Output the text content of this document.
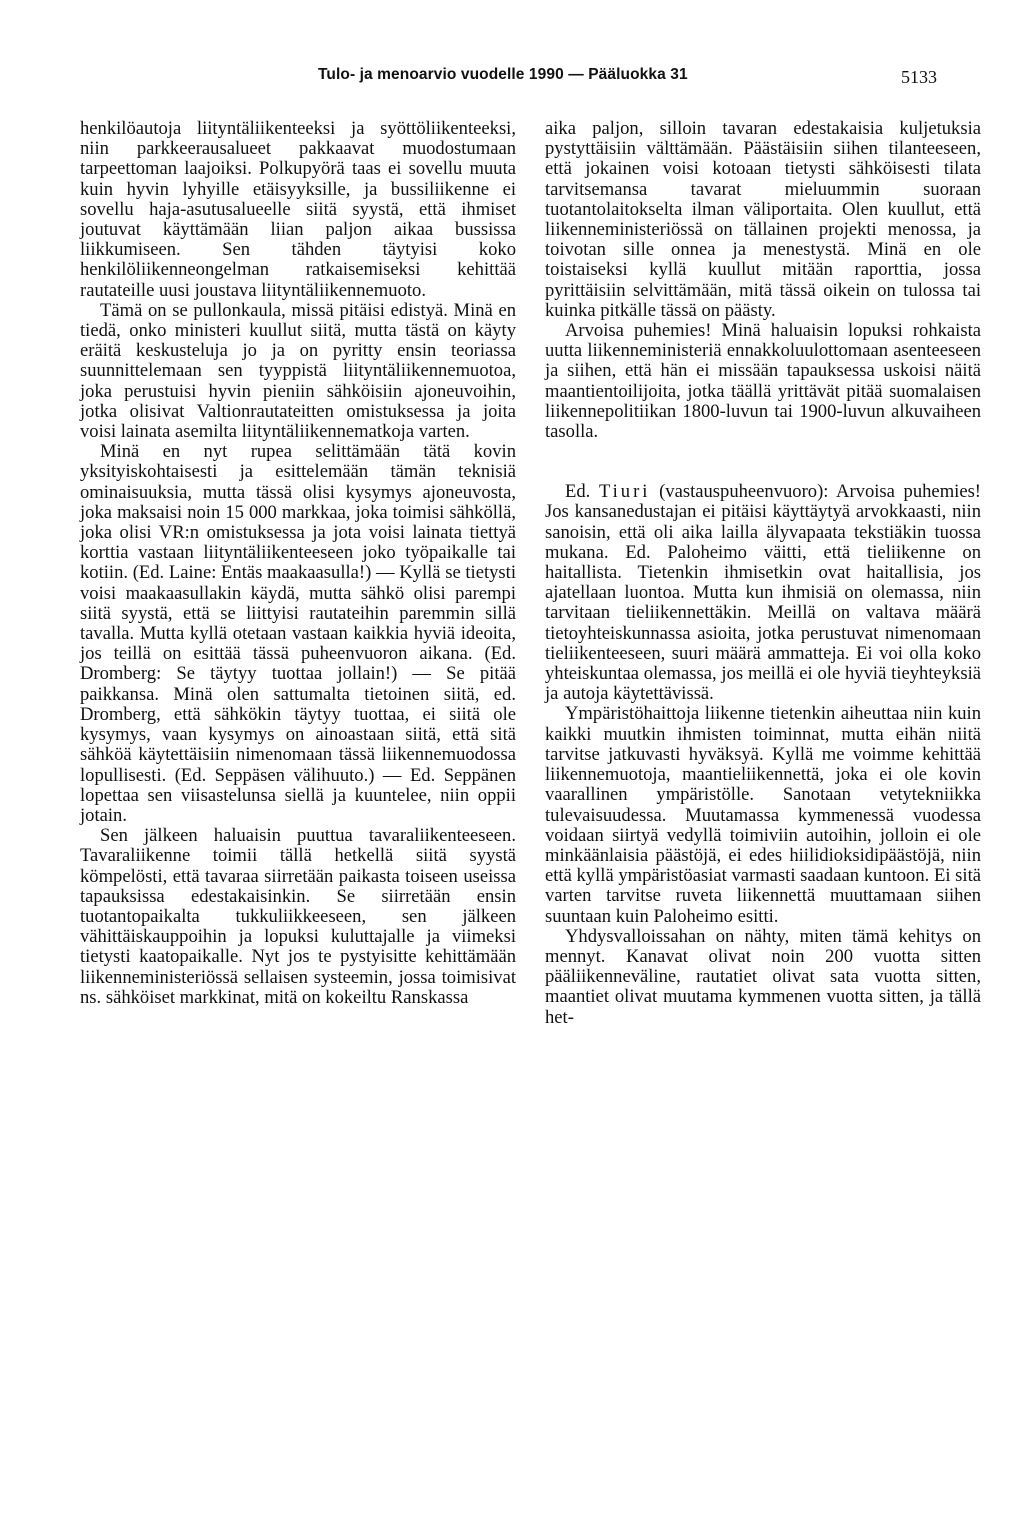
Tulo- ja menoarvio vuodelle 1990 — Pääluokka 31	5133

henkilöautoja liityntäliikenteeksi ja syöttöliikenteeksi, niin parkkeerausalueet pakkaavat muodostumaan tarpeettoman laajoiksi. Polkupyörä taas ei sovellu muuta kuin hyvin lyhyille etäisyyksille, ja bussiliikenne ei sovellu haja-asutusalueelle siitä syystä, että ihmiset joutuvat käyttämään liian paljon aikaa bussissa liikkumiseen. Sen tähden täytyisi koko henkilöliikenneongelman ratkaisemiseksi kehittää rautateille uusi joustava liityntäliikennemuoto.

Tämä on se pullonkaula, missä pitäisi edistyä. Minä en tiedä, onko ministeri kuullut siitä, mutta tästä on käyty eräitä keskusteluja jo ja on pyritty ensin teoriassa suunnittelemaan sen tyyppistä liityntäliikennemuotoa, joka perustuisi hyvin pieniin sähköisiin ajoneuvoihin, jotka olisivat Valtionrautateitten omistuksessa ja joita voisi lainata asemilta liityntäliikennematkoja varten.

Minä en nyt rupea selittämään tätä kovin yksityiskohtaisesti ja esittelemään tämän teknisiä ominaisuuksia, mutta tässä olisi kysymys ajoneuvosta, joka maksaisi noin 15 000 markkaa, joka toimisi sähköllä, joka olisi VR:n omistuksessa ja jota voisi lainata tiettyä korttia vastaan liityntäliikenteeseen joko työpaikalle tai kotiin. (Ed. Laine: Entäs maakaasulla!) — Kyllä se tietysti voisi maakaasullakin käydä, mutta sähkö olisi parempi siitä syystä, että se liittyisi rautateihin paremmin sillä tavalla. Mutta kyllä otetaan vastaan kaikkia hyviä ideoita, jos teillä on esittää tässä puheenvuoron aikana. (Ed. Dromberg: Se täytyy tuottaa jollain!) — Se pitää paikkansa. Minä olen sattumalta tietoinen siitä, ed. Dromberg, että sähkökin täytyy tuottaa, ei siitä ole kysymys, vaan kysymys on ainoastaan siitä, että sitä sähköä käytettäisiin nimenomaan tässä liikennemuodossa lopullisesti. (Ed. Seppäsen välihuuto.) — Ed. Seppänen lopettaa sen viisastelunsa siellä ja kuuntelee, niin oppii jotain.

Sen jälkeen haluaisin puuttua tavaraliikenteeseen. Tavaraliikenne toimii tällä hetkellä siitä syystä kömpelösti, että tavaraa siirretään paikasta toiseen useissa tapauksissa edestakaisinkin. Se siirretään ensin tuotantopaikalta tukkuliikkeeseen, sen jälkeen vähittäiskauppoihin ja lopuksi kuluttajalle ja viimeksi tietysti kaatopaikalle. Nyt jos te pystyisitte kehittämään liikenneministeriössä sellaisen systeemin, jossa toimisivat ns. sähköiset markkinat, mitä on kokeiltu Ranskassa

aika paljon, silloin tavaran edestakaisia kuljetuksia pystyttäisiin välttämään. Päästäisiin siihen tilanteeseen, että jokainen voisi kotoaan tietysti sähköisesti tilata tarvitsemansa tavarat mieluummin suoraan tuotantolaitokselta ilman väliportaita. Olen kuullut, että liikenneministeriössä on tällainen projekti menossa, ja toivotan sille onnea ja menestystä. Minä en ole toistaiseksi kyllä kuullut mitään raporttia, jossa pyrittäisiin selvittämään, mitä tässä oikein on tulossa tai kuinka pitkälle tässä on päästy.

Arvoisa puhemies! Minä haluaisin lopuksi rohkaista uutta liikenneministeriä ennakkoluulottomaan asenteeseen ja siihen, että hän ei missään tapauksessa uskoisi näitä maantientoilijoita, jotka täällä yrittävät pitää suomalaisen liikennepolitiikan 1800-luvun tai 1900-luvun alkuvaiheen tasolla.

Ed. Tiuri (vastauspuheenvuoro): Arvoisa puhemies! Jos kansanedustajan ei pitäisi käyttäytyä arvokkaasti, niin sanoisin, että oli aika lailla älyvapaata tekstiäkin tuossa mukana. Ed. Paloheimo väitti, että tieliikenne on haitallista. Tietenkin ihmisetkin ovat haitallisia, jos ajatellaan luontoa. Mutta kun ihmisiä on olemassa, niin tarvitaan tieliikennettäkin. Meillä on valtava määrä tietoyhteiskunnassa asioita, jotka perustuvat nimenomaan tieliikenteeseen, suuri määrä ammatteja. Ei voi olla koko yhteiskuntaa olemassa, jos meillä ei ole hyviä tieyhteyksiä ja autoja käytettävissä.

Ympäristöhaittoja liikenne tietenkin aiheuttaa niin kuin kaikki muutkin ihmisten toiminnat, mutta eihän niitä tarvitse jatkuvasti hyväksyä. Kyllä me voimme kehittää liikennemuotoja, maantieliikennettä, joka ei ole kovin vaarallinen ympäristölle. Sanotaan vetytekniikka tulevaisuudessa. Muutamassa kymmenessä vuodessa voidaan siirtyä vedyllä toimiviin autoihin, jolloin ei ole minkäänlaisia päästöjä, ei edes hiilidioksidipäästöjä, niin että kyllä ympäristöasiat varmasti saadaan kuntoon. Ei sitä varten tarvitse ruveta liikennettä muuttamaan siihen suuntaan kuin Paloheimo esitti.

Yhdysvalloissahan on nähty, miten tämä kehitys on mennyt. Kanavat olivat noin 200 vuotta sitten pääliikenneväline, rautatiet olivat sata vuotta sitten, maantiet olivat muutama kymmenen vuotta sitten, ja tällä het-
